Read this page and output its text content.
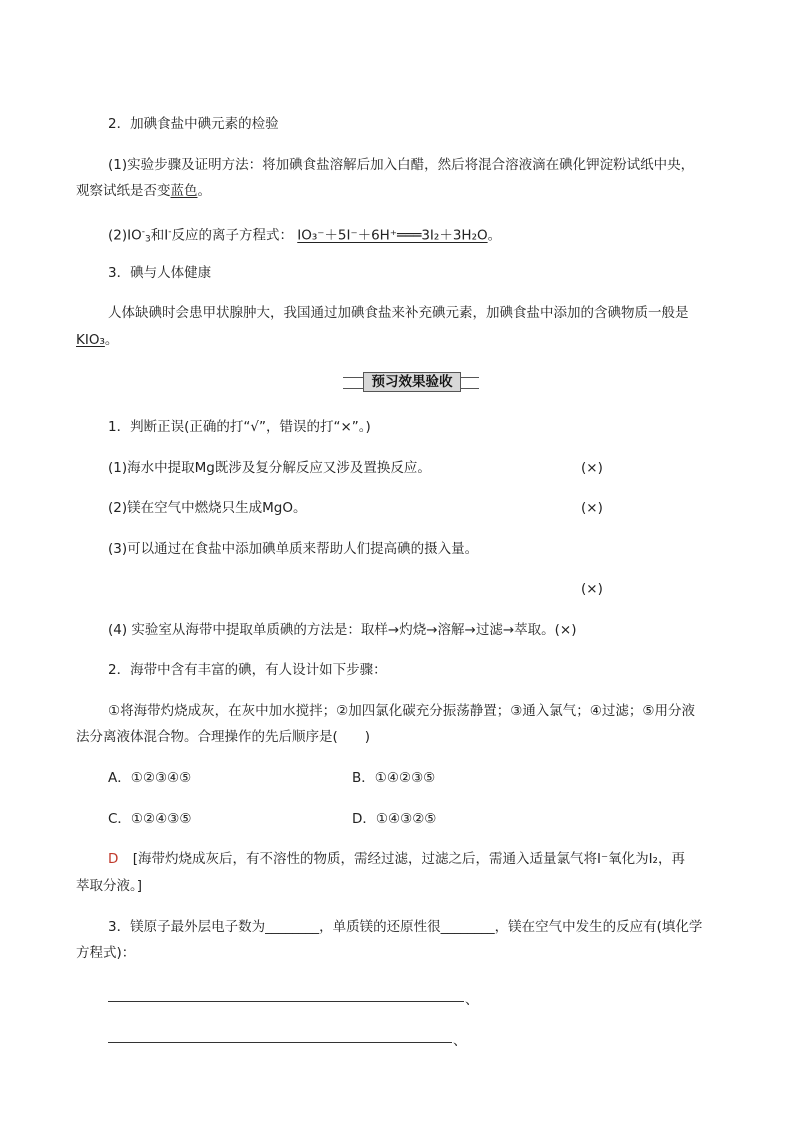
2．加碘食盐中碘元素的检验
(1)实验步骤及证明方法：将加碘食盐溶解后加入白醋，然后将混合溶液滴在碘化钾淀粉试纸中央，
观察试纸是否变蓝色。
$(2)IO^-_3$和I-反应的离子方程式： IO₃⁻＋5I⁻＋6H⁺═══3I₂＋3H₂O。
3．碘与人体健康
人体缺碘时会患甲状腺肿大，我国通过加碘食盐来补充碘元素，加碘食盐中添加的含碘物质一般是
KIO₃。
预习效果验收
1．判断正误(正确的打“√”，错误的打“×”。)
(1)海水中提取Mg既涉及复分解反应又涉及置换反应。	(×)
(2)镁在空气中燃烧只生成MgO。	(×)
(3)可以通过在食盐中添加碘单质来帮助人们提高碘的摄入量。
(×)
(4) 实验室从海带中提取单质碘的方法是：取样→灼烧→溶解→过滤→萃取。(×)
2．海带中含有丰富的碘，有人设计如下步骤：
①将海带灼烧成灰，在灰中加水搅拌；②加四氯化碳充分振荡静置；③通入氯气；④过滤；⑤用分液
法分离液体混合物。合理操作的先后顺序是(　　)
A．①②③④⑤	B．①④②③⑤
C．①②④③⑤	D．①④③②⑤
D [海带灼烧成灰后，有不溶性的物质，需经过滤，过滤之后，需通入适量氯气将I⁻氧化为I₂，再
萃取分液。]
3．镁原子最外层电子数为________，单质镁的还原性很________，镁在空气中发生的反应有(填化学
方程式)：
、
、
